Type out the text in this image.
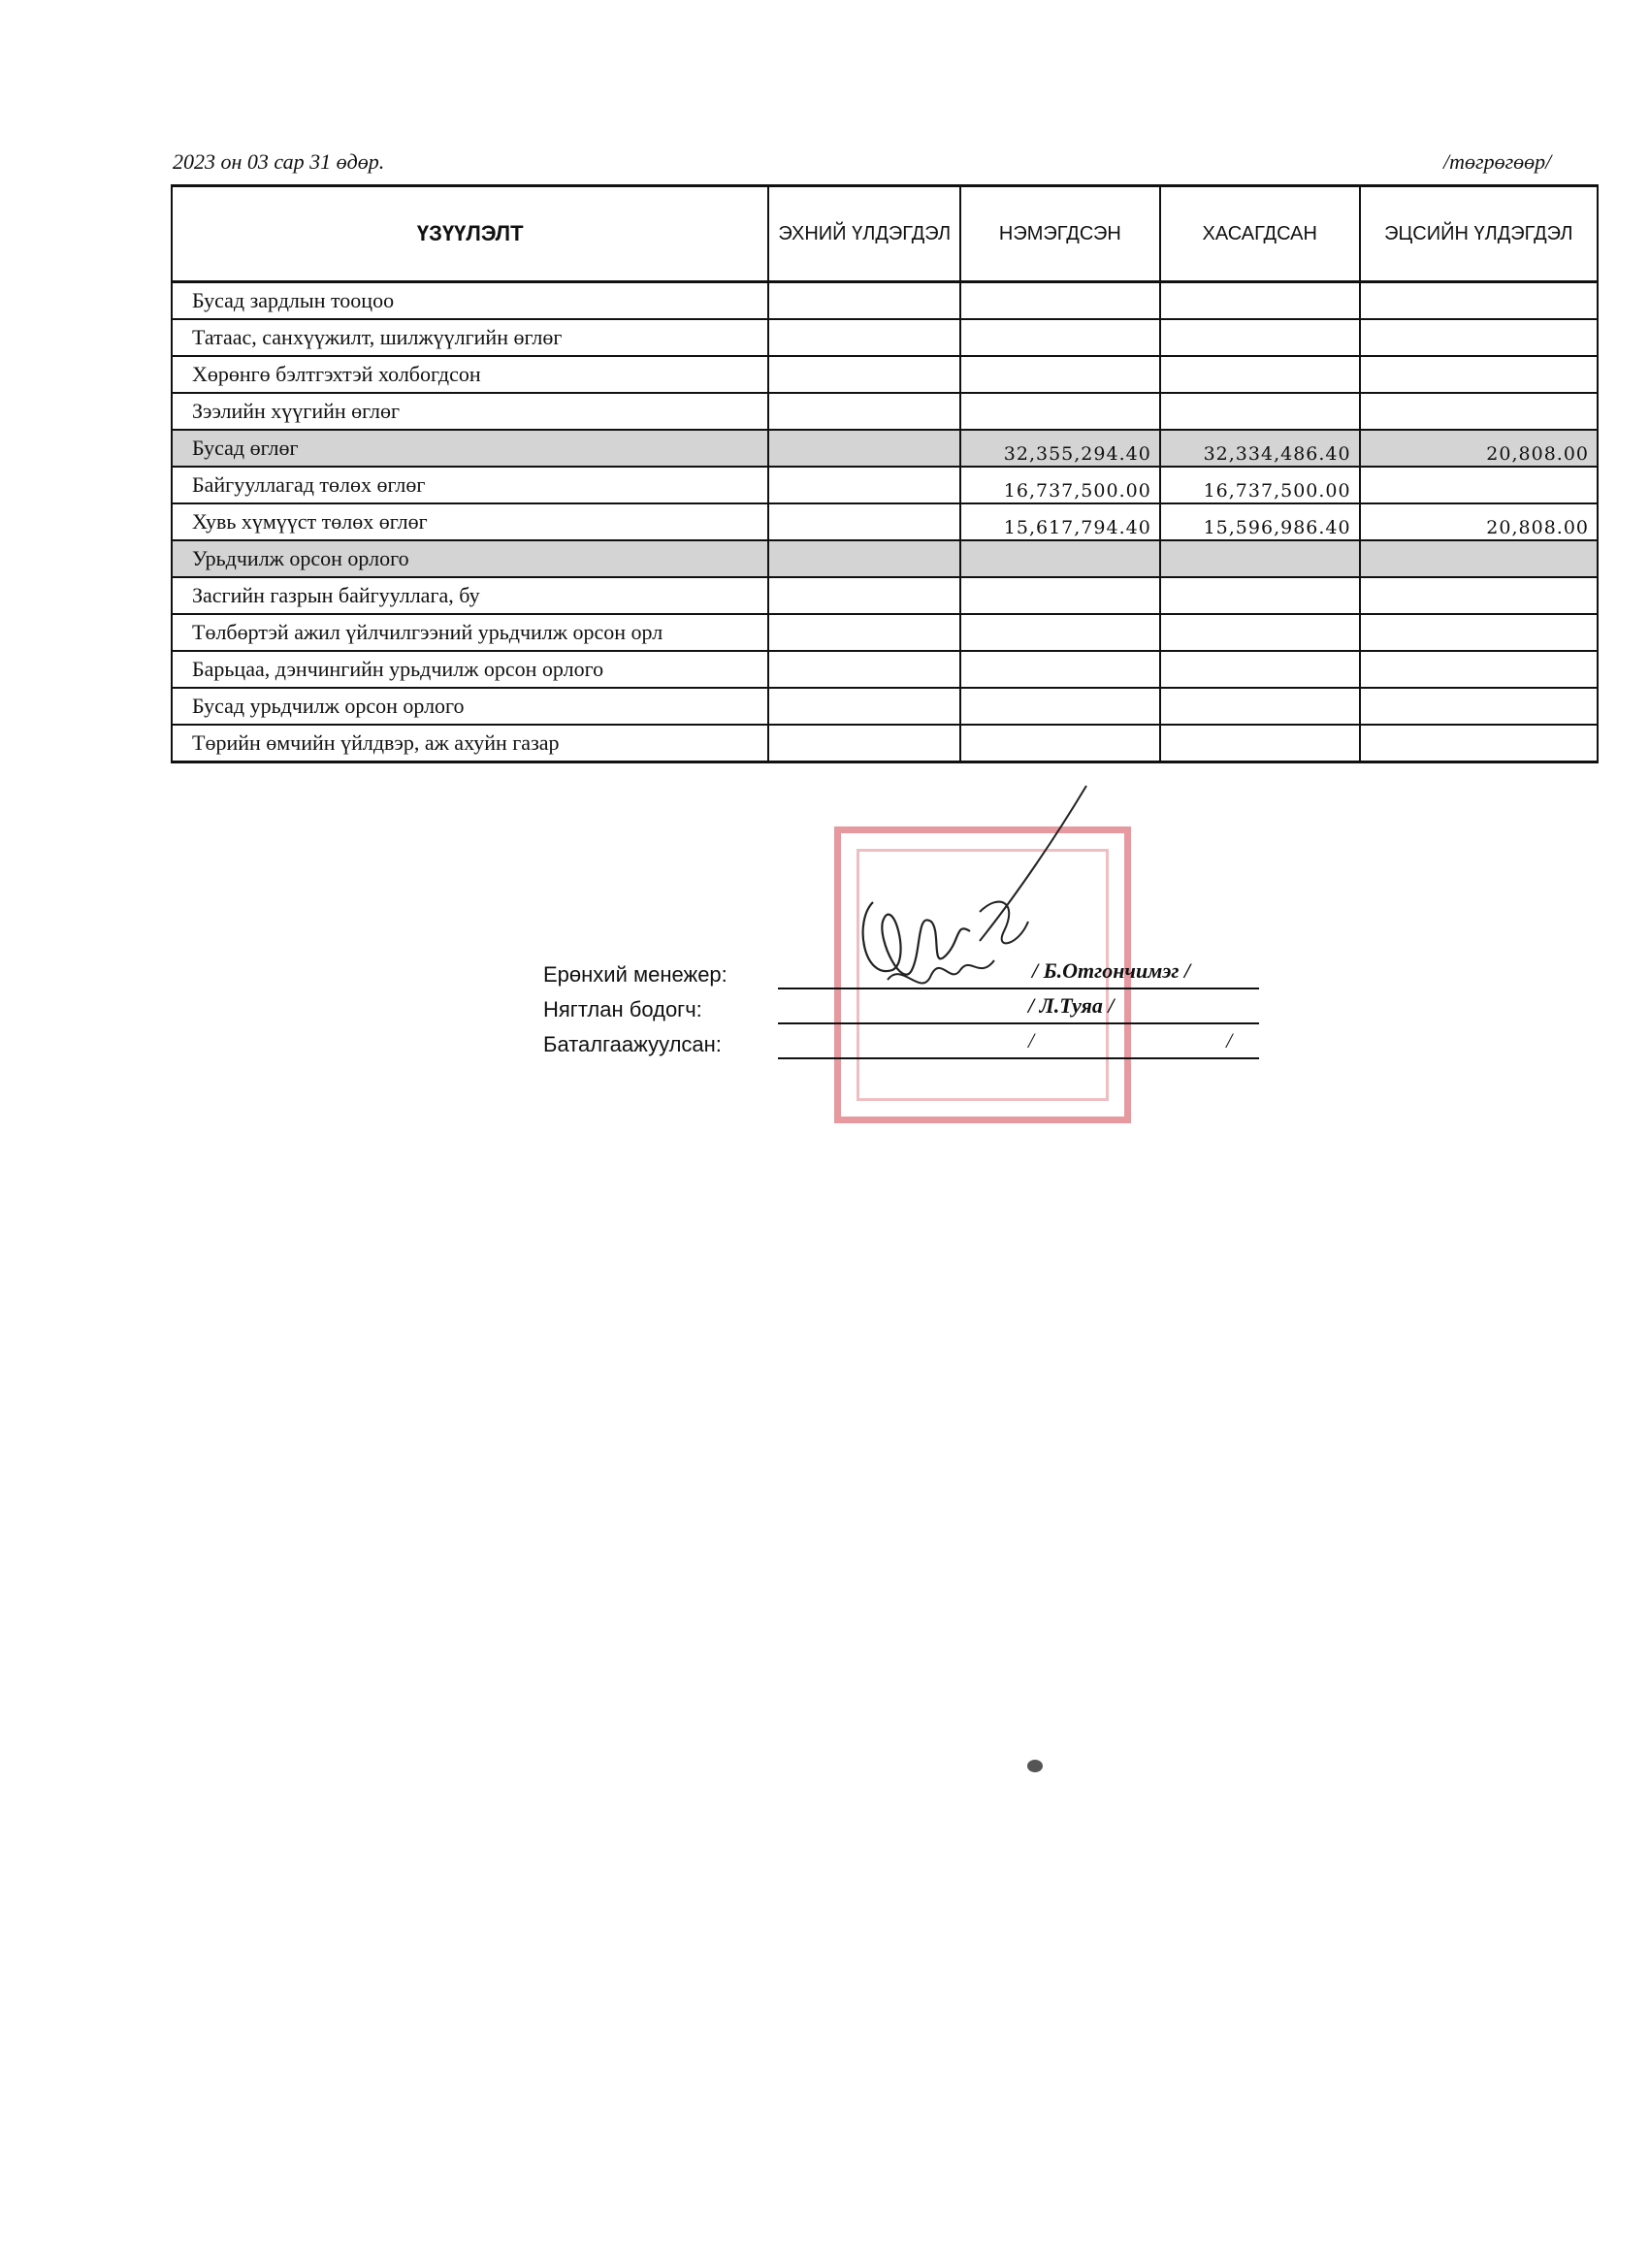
2023 он 03 сар 31 өдөр.	/төгрөгөөр/
ҮЗҮҮЛЭЛТ	ЭХНИЙ ҮЛДЭГДЭЛ	НЭМЭГДСЭН	ХАСАГДСАН	ЭЦСИЙН ҮЛДЭГДЭЛ
Бусад зардлын тооцоо				
Татаас, санхүүжилт, шилжүүлгийн өглөг				
Хөрөнгө бэлтгэхтэй холбогдсон				
Зээлийн хүүгийн өглөг				
Бусад өглөг		32,355,294.40	32,334,486.40	20,808.00
Байгууллагад төлөх өглөг		16,737,500.00	16,737,500.00	
Хувь хүмүүст төлөх өглөг		15,617,794.40	15,596,986.40	20,808.00
Урьдчилж орсон орлого				
Засгийн газрын байгууллага, бу				
Төлбөртэй ажил үйлчилгээний урьдчилж орсон орл				
Барьцаа, дэнчингийн урьдчилж орсон орлого				
Бусад урьдчилж орсон орлого				
Төрийн өмчийн үйлдвэр, аж ахуйн газар				
Ерөнхий менежер:	/ Б.Отгончимэг /
Нягтлан бодогч:	/ Л.Туяа /
Баталгаажуулсан:	/                                    /
